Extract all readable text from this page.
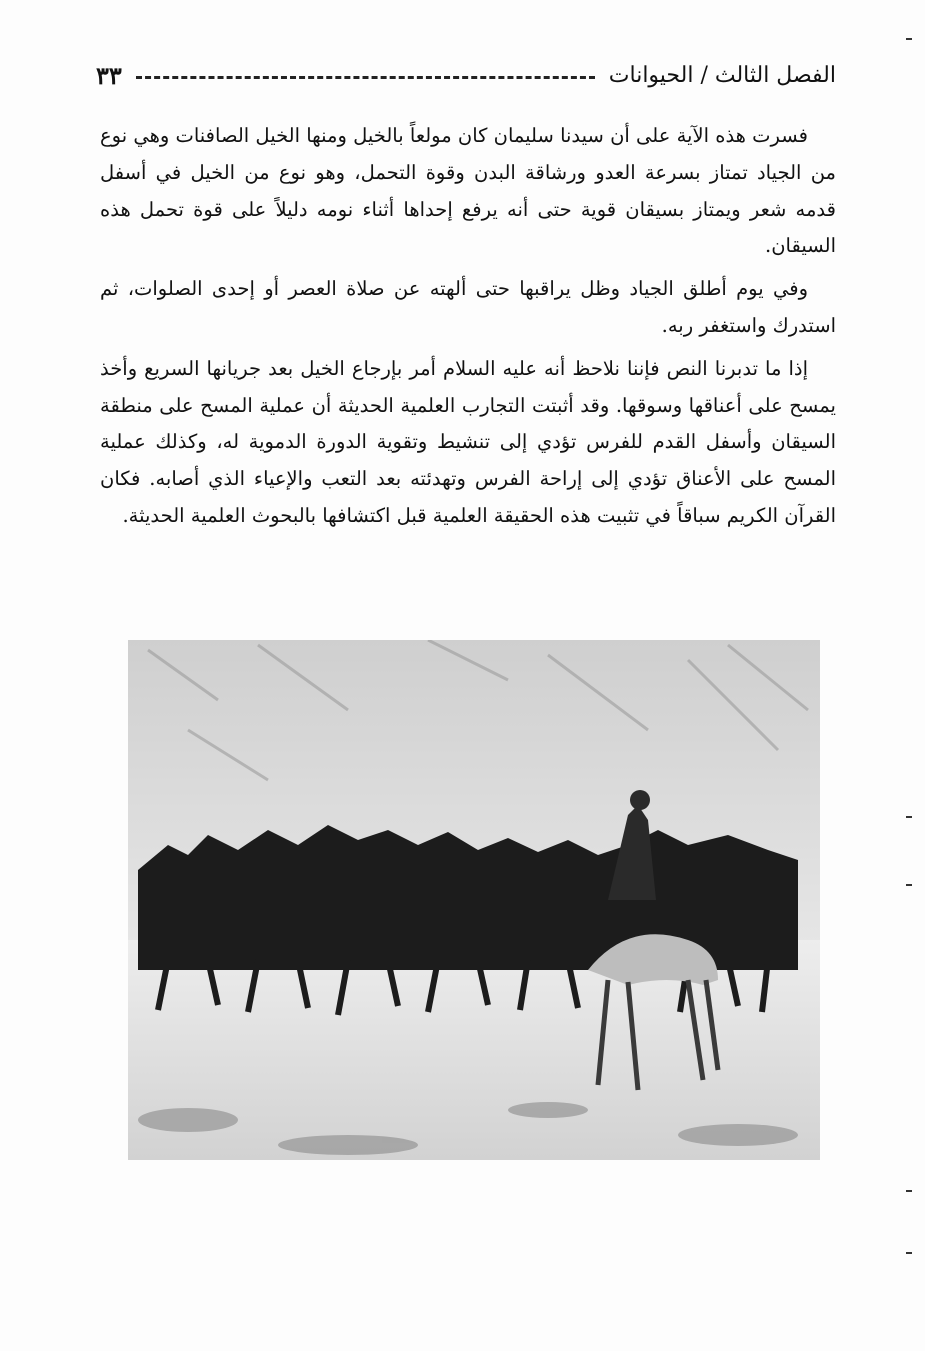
الفصل الثالث / الحيوانات
٣٣

فسرت هذه الآية على أن سيدنا سليمان كان مولعاً بالخيل ومنها الخيل الصافنات وهي نوع من الجياد تمتاز بسرعة العدو ورشاقة البدن وقوة التحمل، وهو نوع من الخيل في أسفل قدمه شعر ويمتاز بسيقان قوية حتى أنه يرفع إحداها أثناء نومه دليلاً على قوة تحمل هذه السيقان.

وفي يوم أطلق الجياد وظل يراقبها حتى ألهته عن صلاة العصر أو إحدى الصلوات، ثم استدرك واستغفر ربه.

إذا ما تدبرنا النص فإننا نلاحظ أنه عليه السلام أمر بإرجاع الخيل بعد جريانها السريع وأخذ يمسح على أعناقها وسوقها. وقد أثبتت التجارب العلمية الحديثة أن عملية المسح على منطقة السيقان وأسفل القدم للفرس تؤدي إلى تنشيط وتقوية الدورة الدموية له، وكذلك عملية المسح على الأعناق تؤدي إلى إراحة الفرس وتهدئته بعد التعب والإعياء الذي أصابه. فكان القرآن الكريم سباقاً في تثبيت هذه الحقيقة العلمية قبل اكتشافها بالبحوث العلمية الحديثة.
